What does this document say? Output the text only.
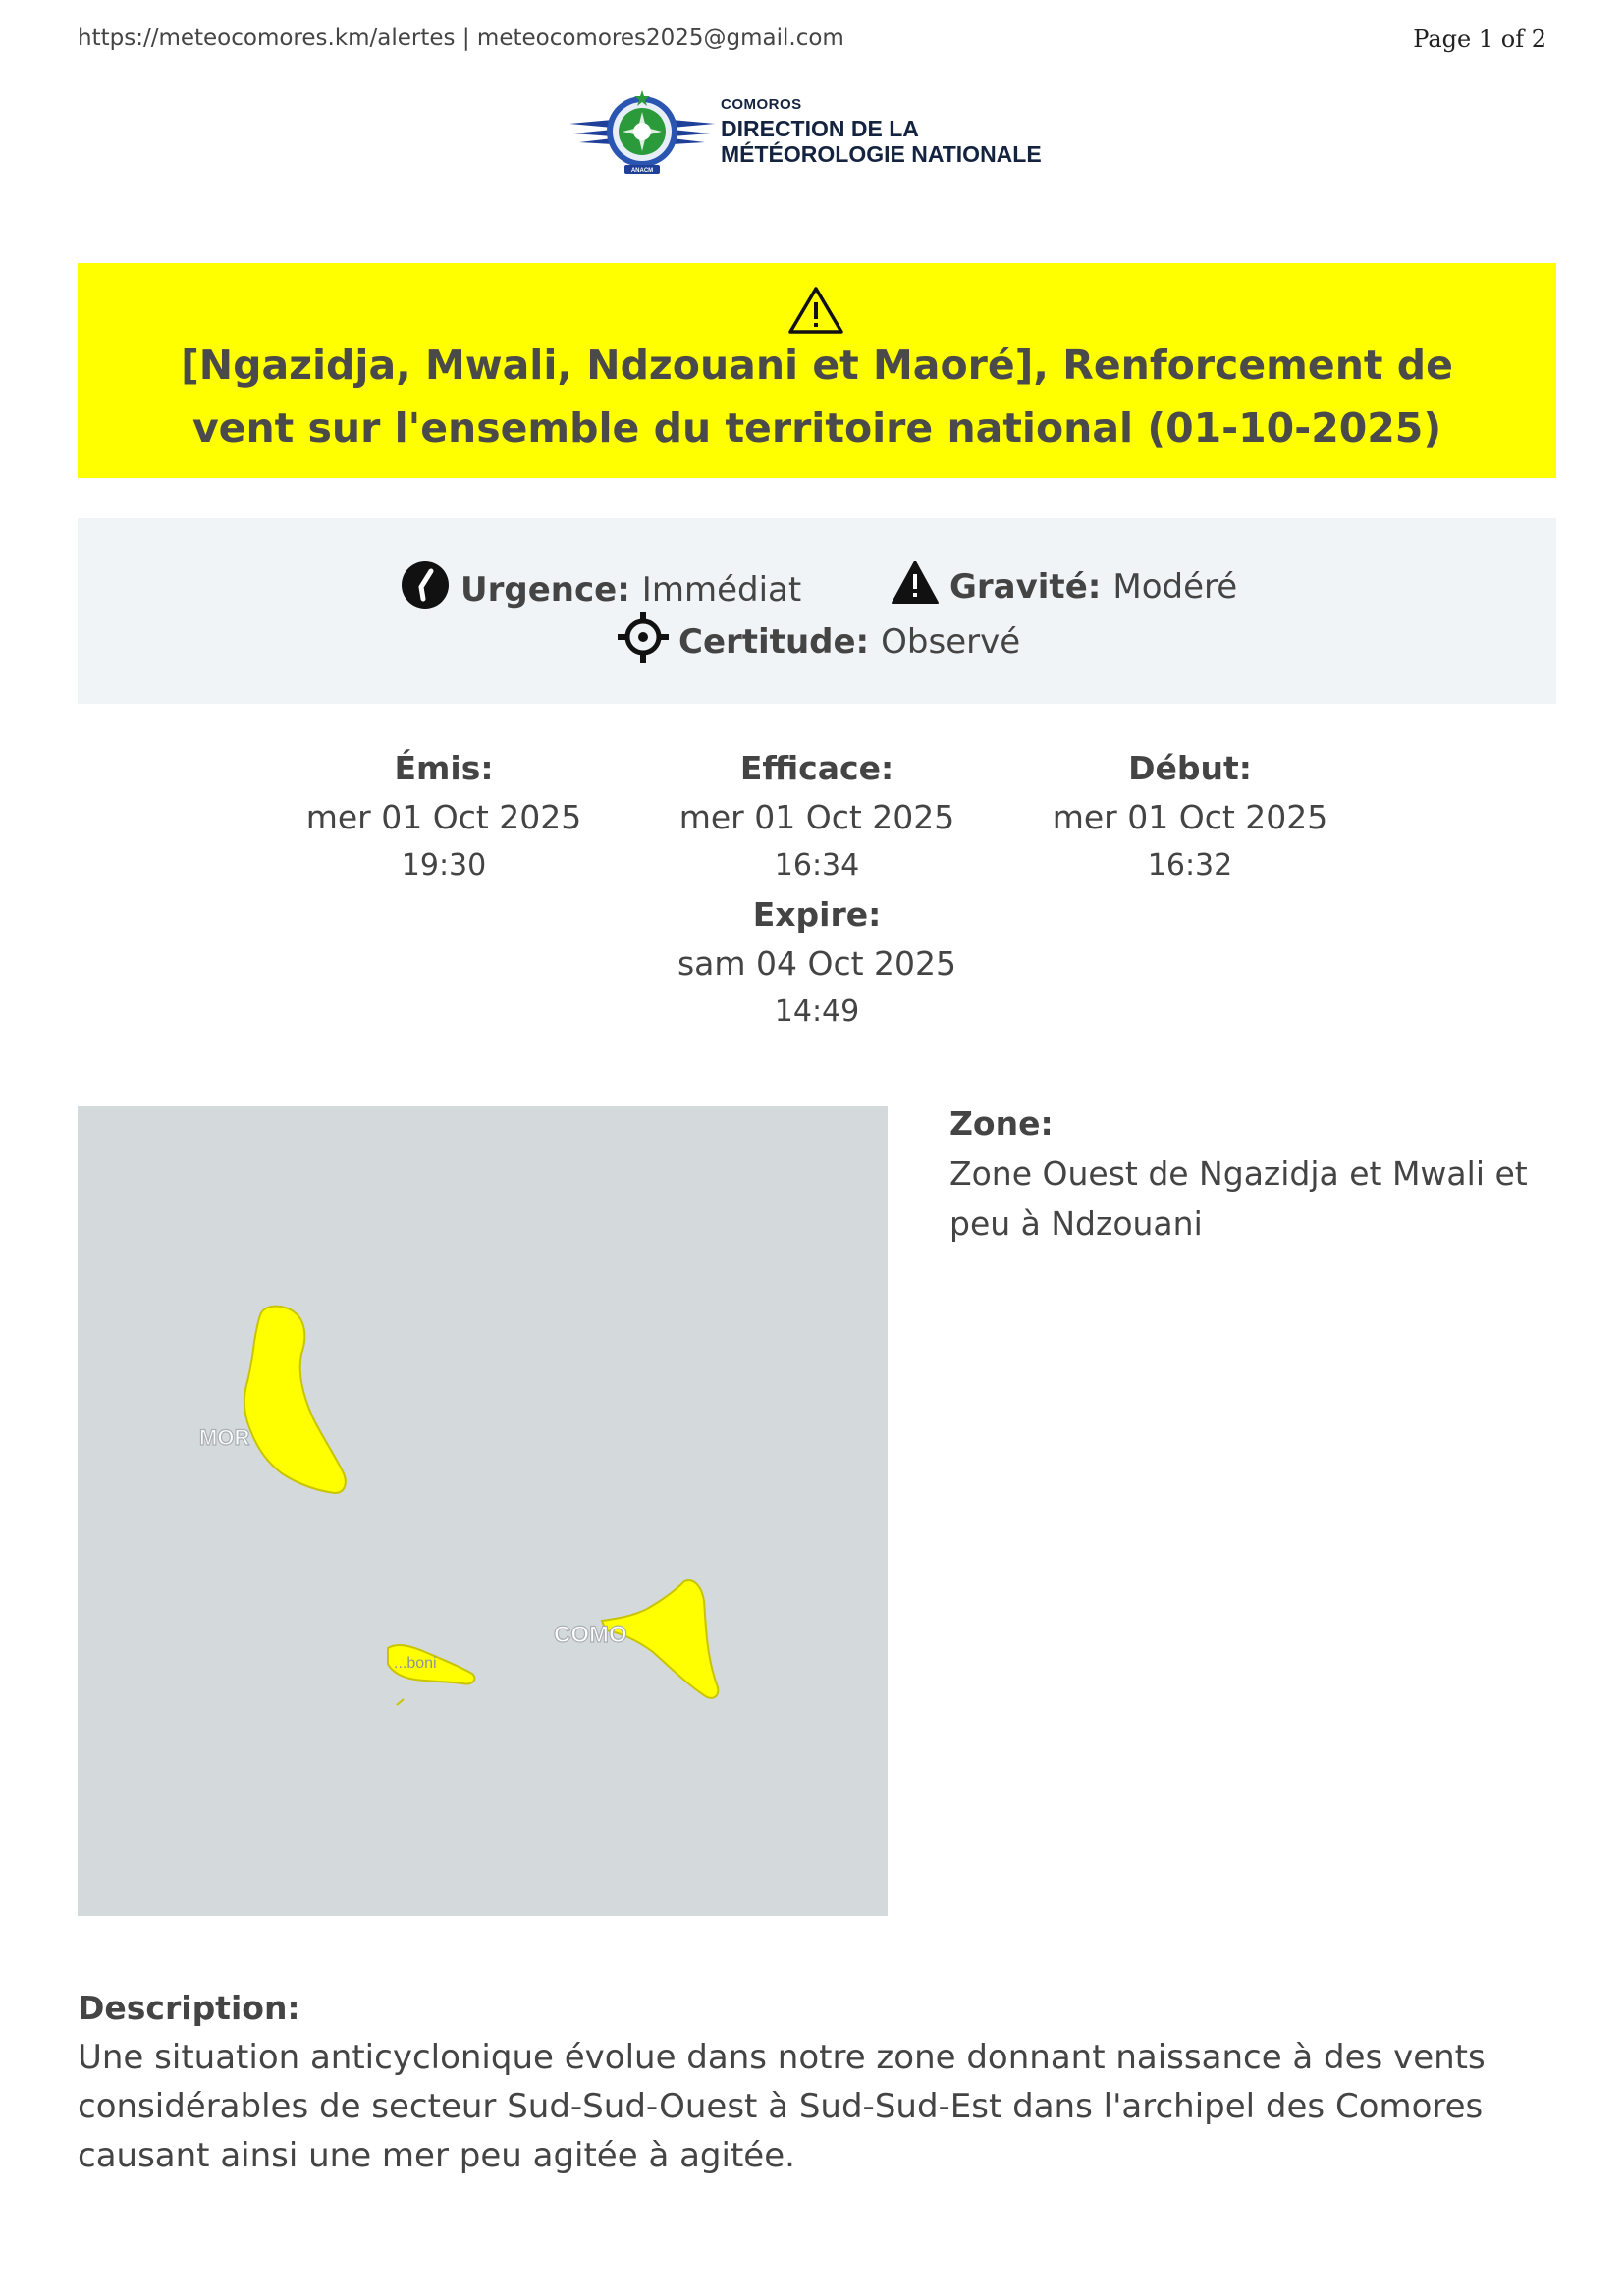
https://meteocomores.km/alertes | meteocomores2025@gmail.com	Page 1 of 2
ANACM
COMOROS
DIRECTION DE LA
MÉTÉOROLOGIE NATIONALE
[Ngazidja, Mwali, Ndzouani et Maoré], Renforcement de vent sur l'ensemble du territoire national (01-10-2025)
Urgence: Immédiat	Gravité: Modéré
Certitude: Observé
Émis:
mer 01 Oct 2025
19:30
Efficace:
mer 01 Oct 2025
16:34
Début:
mer 01 Oct 2025
16:32
Expire:
sam 04 Oct 2025
14:49
MOR
COMO
...boni
Zone:
Zone Ouest de Ngazidja et Mwali et peu à Ndzouani
Description:
Une situation anticyclonique évolue dans notre zone donnant naissance à des vents considérables de secteur Sud-Sud-Ouest à Sud-Sud-Est dans l'archipel des Comores causant ainsi une mer peu agitée à agitée.
